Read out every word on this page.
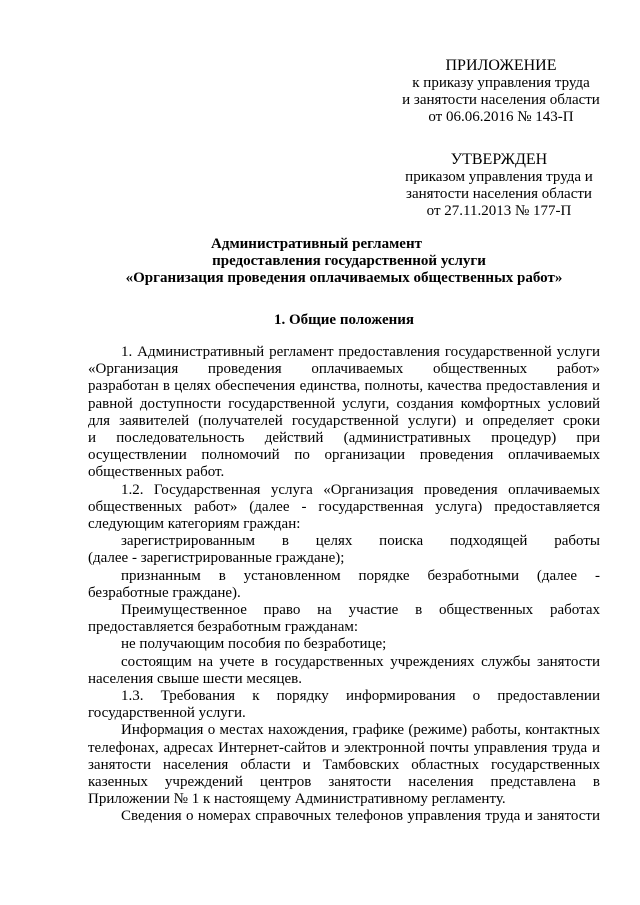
ПРИЛОЖЕНИЕ
к приказу управления труда
и занятости населения области
от 06.06.2016 № 143-П
УТВЕРЖДЕН
приказом управления труда и
занятости населения области
от 27.11.2013 № 177-П
Административный регламент
предоставления государственной услуги
«Организация проведения оплачиваемых общественных работ»
1. Общие положения
1. Административный регламент предоставления государственной услуги
«Организация проведения оплачиваемых общественных работ»
разработан в целях обеспечения единства, полноты, качества предоставления и
равной доступности государственной услуги, создания комфортных условий
для заявителей (получателей государственной услуги) и определяет сроки
и последовательность действий (административных процедур) при
осуществлении полномочий по организации проведения оплачиваемых
общественных работ.
1.2. Государственная услуга «Организация проведения оплачиваемых
общественных работ» (далее - государственная услуга) предоставляется
следующим категориям граждан:
зарегистрированным в целях поиска подходящей работы
(далее - зарегистрированные граждане);
признанным в установленном порядке безработными (далее -
безработные граждане).
Преимущественное право на участие в общественных работах
предоставляется безработным гражданам:
не получающим пособия по безработице;
состоящим на учете в государственных учреждениях службы занятости
населения свыше шести месяцев.
1.3. Требования к порядку информирования о предоставлении
государственной услуги.
Информация о местах нахождения, графике (режиме) работы, контактных
телефонах, адресах Интернет-сайтов и электронной почты управления труда и
занятости населения области и Тамбовских областных государственных
казенных учреждений центров занятости населения представлена в
Приложении № 1 к настоящему Административному регламенту.
Сведения о номерах справочных телефонов управления труда и занятости
